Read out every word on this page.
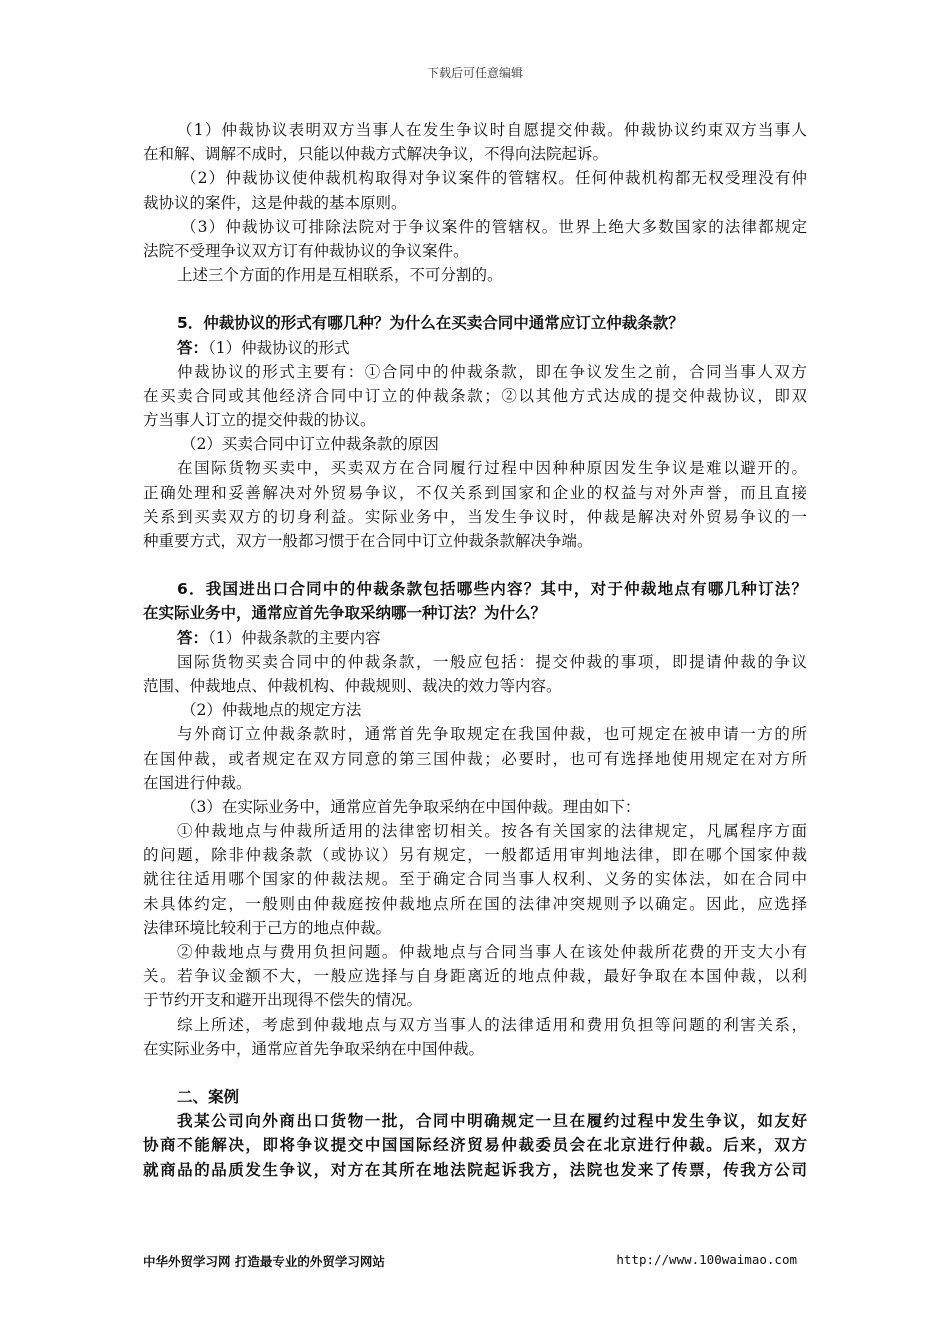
下载后可任意编辑
（1）仲裁协议表明双方当事人在发生争议时自愿提交仲裁。仲裁协议约束双方当事人
在和解、调解不成时，只能以仲裁方式解决争议，不得向法院起诉。
（2）仲裁协议使仲裁机构取得对争议案件的管辖权。任何仲裁机构都无权受理没有仲
裁协议的案件，这是仲裁的基本原则。
（3）仲裁协议可排除法院对于争议案件的管辖权。世界上绝大多数国家的法律都规定
法院不受理争议双方订有仲裁协议的争议案件。
上述三个方面的作用是互相联系，不可分割的。
5．仲裁协议的形式有哪几种？为什么在买卖合同中通常应订立仲裁条款？
答：（1）仲裁协议的形式
仲裁协议的形式主要有：①合同中的仲裁条款，即在争议发生之前，合同当事人双方
在买卖合同或其他经济合同中订立的仲裁条款；②以其他方式达成的提交仲裁协议，即双
方当事人订立的提交仲裁的协议。
（2）买卖合同中订立仲裁条款的原因
在国际货物买卖中，买卖双方在合同履行过程中因种种原因发生争议是难以避开的。
正确处理和妥善解决对外贸易争议，不仅关系到国家和企业的权益与对外声誉，而且直接
关系到买卖双方的切身利益。实际业务中，当发生争议时，仲裁是解决对外贸易争议的一
种重要方式，双方一般都习惯于在合同中订立仲裁条款解决争端。
6．我国进出口合同中的仲裁条款包括哪些内容？其中，对于仲裁地点有哪几种订法？
在实际业务中，通常应首先争取采纳哪一种订法？为什么？
答：（1）仲裁条款的主要内容
国际货物买卖合同中的仲裁条款，一般应包括：提交仲裁的事项，即提请仲裁的争议
范围、仲裁地点、仲裁机构、仲裁规则、裁决的效力等内容。
（2）仲裁地点的规定方法
与外商订立仲裁条款时，通常首先争取规定在我国仲裁，也可规定在被申请一方的所
在国仲裁，或者规定在双方同意的第三国仲裁；必要时，也可有选择地使用规定在对方所
在国进行仲裁。
（3）在实际业务中，通常应首先争取采纳在中国仲裁。理由如下：
①仲裁地点与仲裁所适用的法律密切相关。按各有关国家的法律规定，凡属程序方面
的问题，除非仲裁条款（或协议）另有规定，一般都适用审判地法律，即在哪个国家仲裁
就往往适用哪个国家的仲裁法规。至于确定合同当事人权利、义务的实体法，如在合同中
未具体约定，一般则由仲裁庭按仲裁地点所在国的法律冲突规则予以确定。因此，应选择
法律环境比较利于己方的地点仲裁。
②仲裁地点与费用负担问题。仲裁地点与合同当事人在该处仲裁所花费的开支大小有
关。若争议金额不大，一般应选择与自身距离近的地点仲裁，最好争取在本国仲裁，以利
于节约开支和避开出现得不偿失的情况。
综上所述，考虑到仲裁地点与双方当事人的法律适用和费用负担等问题的利害关系，
在实际业务中，通常应首先争取采纳在中国仲裁。
二、案例
我某公司向外商出口货物一批，合同中明确规定一旦在履约过程中发生争议，如友好
协商不能解决，即将争议提交中国国际经济贸易仲裁委员会在北京进行仲裁。后来，双方
就商品的品质发生争议，对方在其所在地法院起诉我方，法院也发来了传票，传我方公司
中华外贸学习网 打造最专业的外贸学习网站	http://www.100waimao.com
